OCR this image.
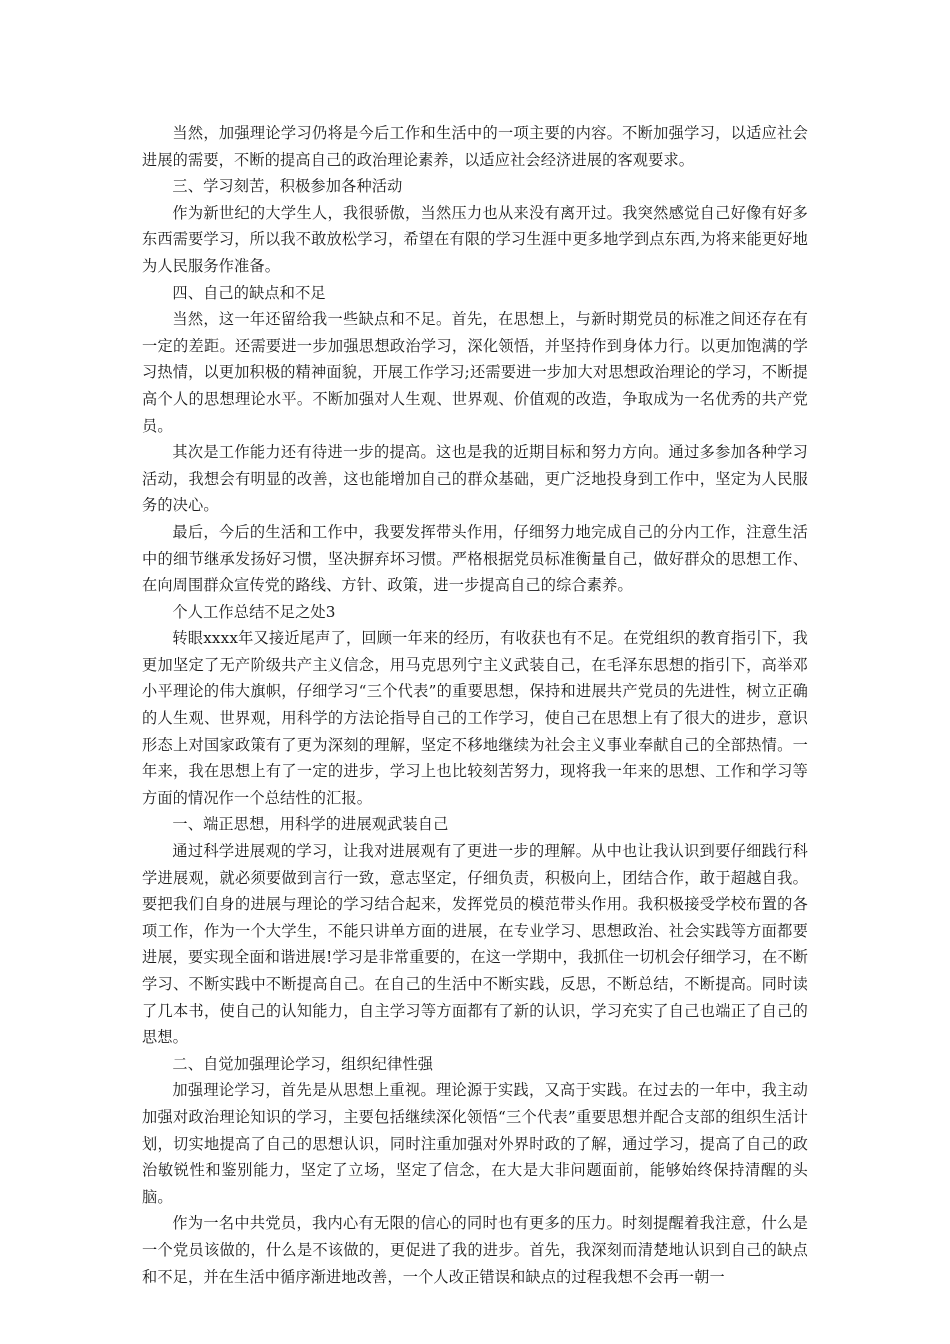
当然，加强理论学习仍将是今后工作和生活中的一项主要的内容。不断加强学习，以适应社会进展的需要，不断的提高自己的政治理论素养，以适应社会经济进展的客观要求。

三、学习刻苦，积极参加各种活动

作为新世纪的大学生人，我很骄傲，当然压力也从来没有离开过。我突然感觉自己好像有好多东西需要学习，所以我不敢放松学习，希望在有限的学习生涯中更多地学到点东西,为将来能更好地为人民服务作准备。

四、自己的缺点和不足

当然，这一年还留给我一些缺点和不足。首先，在思想上，与新时期党员的标准之间还存在有一定的差距。还需要进一步加强思想政治学习，深化领悟，并坚持作到身体力行。以更加饱满的学习热情，以更加积极的精神面貌，开展工作学习;还需要进一步加大对思想政治理论的学习，不断提高个人的思想理论水平。不断加强对人生观、世界观、价值观的改造，争取成为一名优秀的共产党员。

其次是工作能力还有待进一步的提高。这也是我的近期目标和努力方向。通过多参加各种学习活动，我想会有明显的改善，这也能增加自己的群众基础，更广泛地投身到工作中，坚定为人民服务的决心。

最后，今后的生活和工作中，我要发挥带头作用，仔细努力地完成自己的分内工作，注意生活中的细节继承发扬好习惯，坚决摒弃坏习惯。严格根据党员标准衡量自己，做好群众的思想工作、在向周围群众宣传党的路线、方针、政策，进一步提高自己的综合素养。

个人工作总结不足之处3

转眼xxxx年又接近尾声了，回顾一年来的经历，有收获也有不足。在党组织的教育指引下，我更加坚定了无产阶级共产主义信念，用马克思列宁主义武装自己，在毛泽东思想的指引下，高举邓小平理论的伟大旗帜，仔细学习“三个代表”的重要思想，保持和进展共产党员的先进性，树立正确的人生观、世界观，用科学的方法论指导自己的工作学习，使自己在思想上有了很大的进步，意识形态上对国家政策有了更为深刻的理解，坚定不移地继续为社会主义事业奉献自己的全部热情。一年来，我在思想上有了一定的进步，学习上也比较刻苦努力，现将我一年来的思想、工作和学习等方面的情况作一个总结性的汇报。

一、端正思想，用科学的进展观武装自己

通过科学进展观的学习，让我对进展观有了更进一步的理解。从中也让我认识到要仔细践行科学进展观，就必须要做到言行一致，意志坚定，仔细负责，积极向上，团结合作，敢于超越自我。要把我们自身的进展与理论的学习结合起来，发挥党员的模范带头作用。我积极接受学校布置的各项工作，作为一个大学生，不能只讲单方面的进展，在专业学习、思想政治、社会实践等方面都要进展，要实现全面和谐进展!学习是非常重要的，在这一学期中，我抓住一切机会仔细学习，在不断学习、不断实践中不断提高自己。在自己的生活中不断实践，反思，不断总结，不断提高。同时读了几本书，使自己的认知能力，自主学习等方面都有了新的认识，学习充实了自己也端正了自己的思想。

二、自觉加强理论学习，组织纪律性强

加强理论学习，首先是从思想上重视。理论源于实践，又高于实践。在过去的一年中，我主动加强对政治理论知识的学习，主要包括继续深化领悟“三个代表”重要思想并配合支部的组织生活计划，切实地提高了自己的思想认识，同时注重加强对外界时政的了解，通过学习，提高了自己的政治敏锐性和鉴别能力，坚定了立场，坚定了信念，在大是大非问题面前，能够始终保持清醒的头脑。

作为一名中共党员，我内心有无限的信心的同时也有更多的压力。时刻提醒着我注意，什么是一个党员该做的，什么是不该做的，更促进了我的进步。首先，我深刻而清楚地认识到自己的缺点和不足，并在生活中循序渐进地改善，一个人改正错误和缺点的过程我想不会再一朝一
